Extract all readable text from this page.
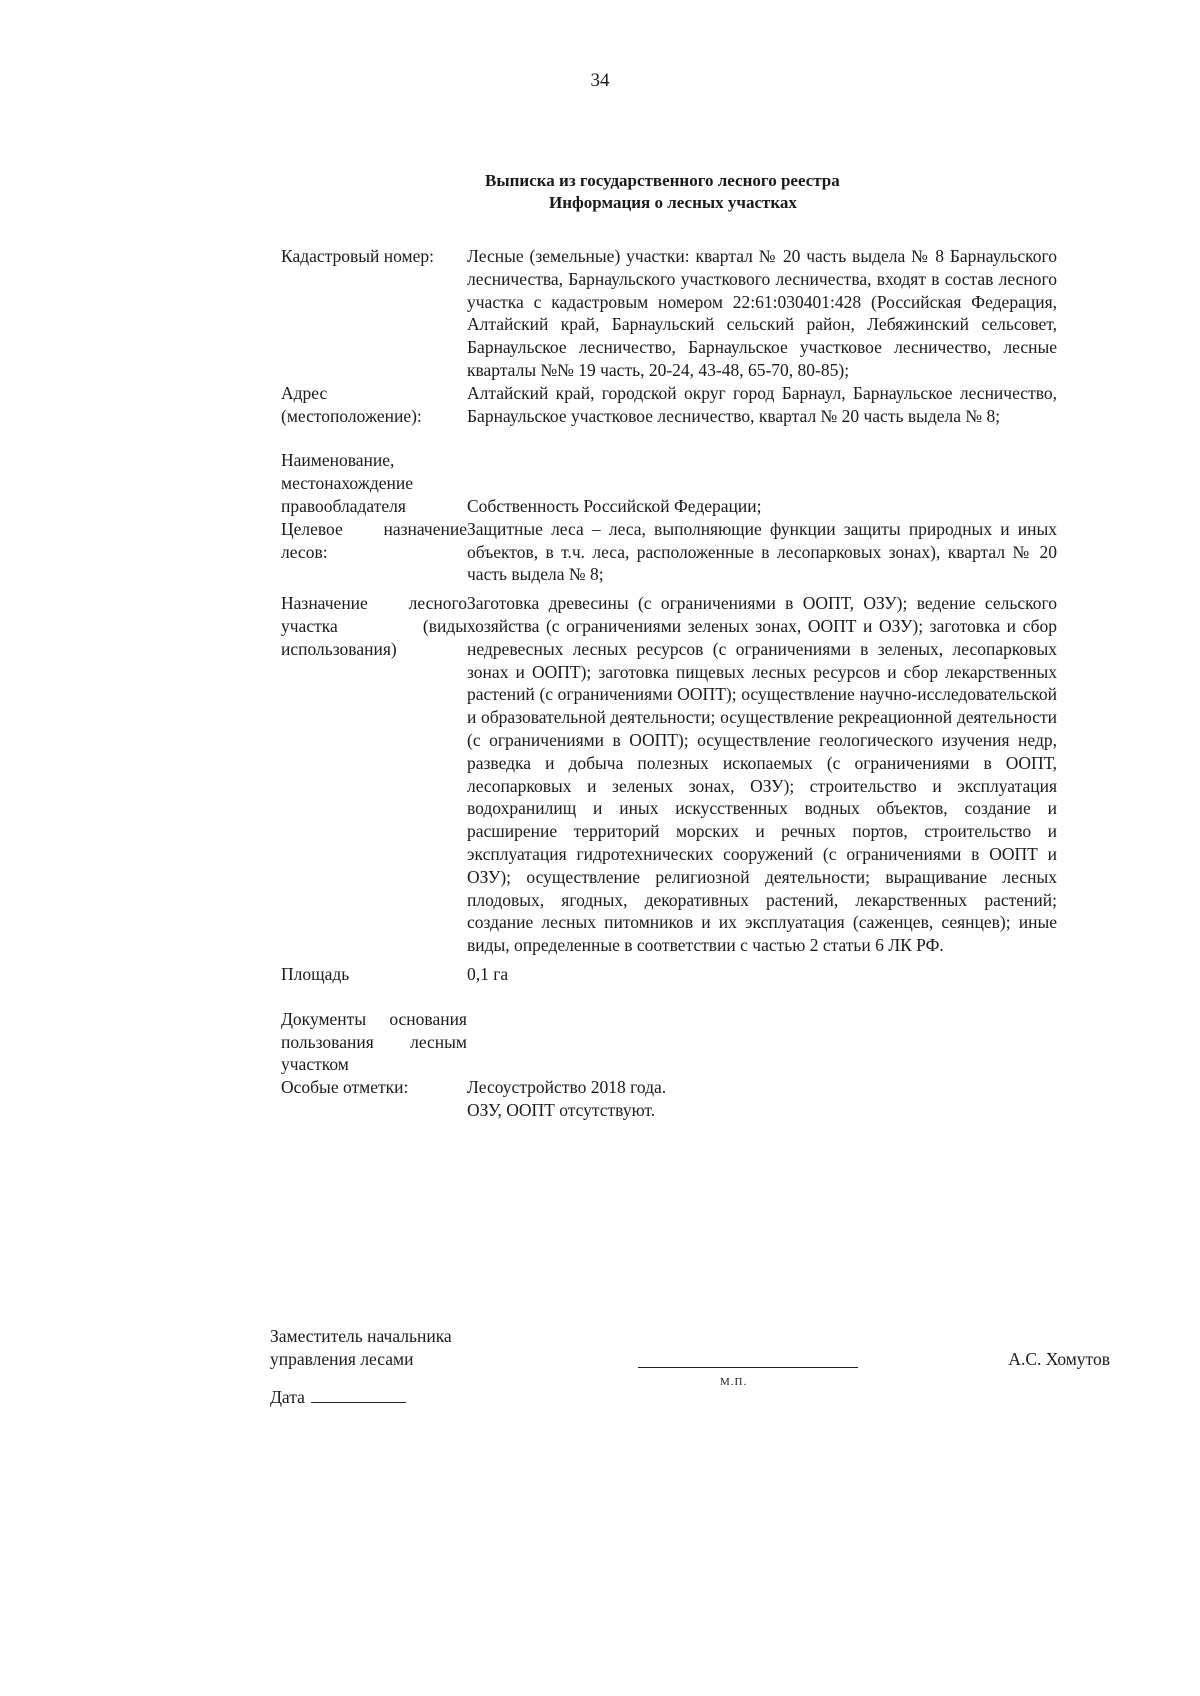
34
Выписка из государственного лесного реестра
Информация о лесных участках
Кадастровый номер:	Лесные (земельные) участки: квартал № 20 часть выдела № 8 Барнаульского лесничества, Барнаульского участкового лесничества, входят в состав лесного участка с кадастровым номером 22:61:030401:428 (Российская Федерация, Алтайский край, Барнаульский сельский район, Лебяжинский сельсовет, Барнаульское лесничество, Барнаульское участковое лесничество, лесные кварталы №№ 19 часть, 20-24, 43-48, 65-70, 80-85);
Адрес (местоположение):	Алтайский край, городской округ город Барнаул, Барнаульское лесничество, Барнаульское участковое лесничество, квартал № 20 часть выдела № 8;
Наименование, местонахождение правообладателя	Собственность Российской Федерации;
Целевое назначение лесов:	Защитные леса – леса, выполняющие функции защиты природных и иных объектов, в т.ч. леса, расположенные в лесопарковых зонах), квартал № 20 часть выдела № 8;
Назначение лесного участка (виды использования)	Заготовка древесины (с ограничениями в ООПТ, ОЗУ); ведение сельского хозяйства (с ограничениями зеленых зонах, ООПТ и ОЗУ); заготовка и сбор недревесных лесных ресурсов (с ограничениями в зеленых, лесопарковых зонах и ООПТ); заготовка пищевых лесных ресурсов и сбор лекарственных растений (с ограничениями ООПТ); осуществление научно-исследовательской и образовательной деятельности; осуществление рекреационной деятельности (с ограничениями в ООПТ); осуществление геологического изучения недр, разведка и добыча полезных ископаемых (с ограничениями в ООПТ, лесопарковых и зеленых зонах, ОЗУ); строительство и эксплуатация водохранилищ и иных искусственных водных объектов, создание и расширение территорий морских и речных портов, строительство и эксплуатация гидротехнических сооружений (с ограничениями в ООПТ и ОЗУ); осуществление религиозной деятельности; выращивание лесных плодовых, ягодных, декоративных растений, лекарственных растений; создание лесных питомников и их эксплуатация (саженцев, сеянцев); иные виды, определенные в соответствии с частью 2 статьи 6 ЛК РФ.
Площадь	0,1 га
Документы основания пользования лесным участком	
Особые отметки:	Лесоустройство 2018 года.
ОЗУ, ООПТ отсутствуют.
Заместитель начальника
управления лесами
М.П.
А.С. Хомутов
Дата
